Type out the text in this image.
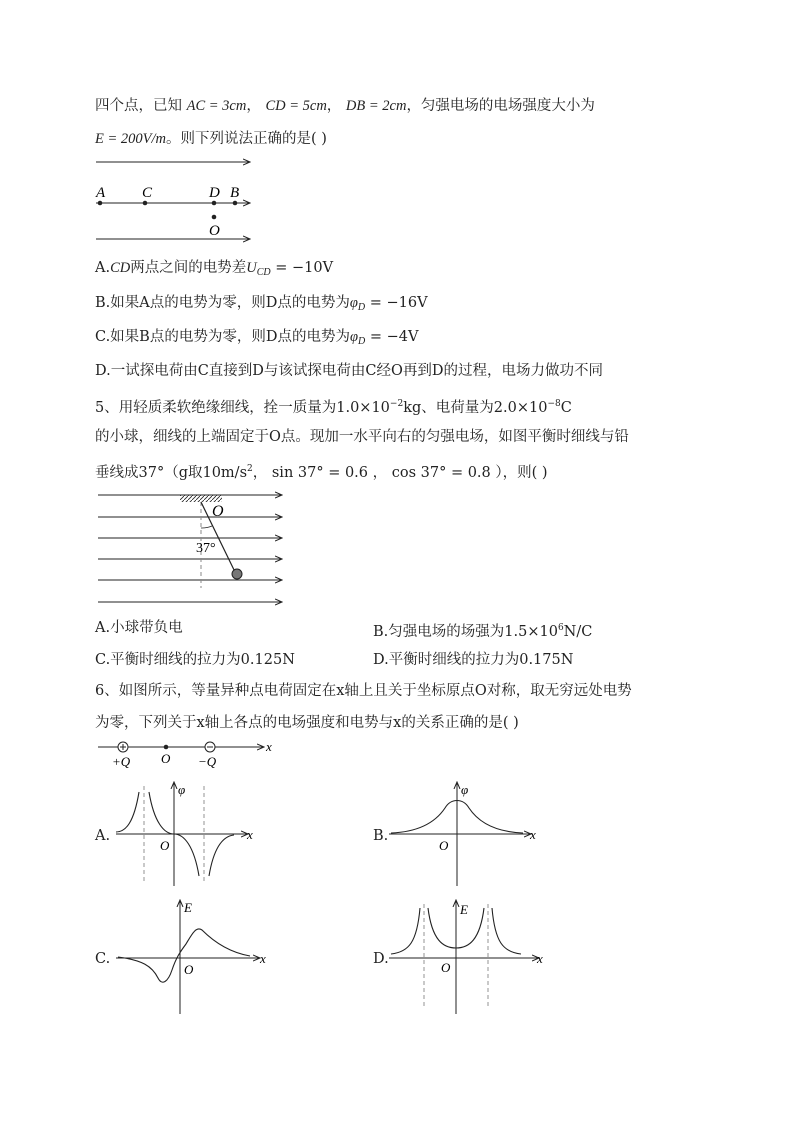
四个点，已知 AC = 3cm， CD = 5cm， DB = 2cm，匀强电场的电场强度大小为
E = 200V/m。则下列说法正确的是( )
A C	D B
O
A.CD两点之间的电势差$U_{CD} = -10V$
B.如果A点的电势为零，则D点的电势为$\varphi_D = -16V$
C.如果B点的电势为零，则D点的电势为$\varphi_D = -4V$
D.一试探电荷由C直接到D与该试探电荷由C经O再到D的过程，电场力做功不同
5、用轻质柔软绝缘细线，拴一质量为$1.0\times 10^{-2}kg$、电荷量为$2.0\times 10^{-8}C$
的小球，细线的上端固定于O点。现加一水平向右的匀强电场，如图平衡时细线与铅
垂线成37°（g取$10m/s^2$， sin 37° = 0.6 ， cos 37° = 0.8 ），则( )
O
37°
A.小球带负电	B.匀强电场的场强为$1.5\times 10^6N/C$
C.平衡时细线的拉力为0.125N	D.平衡时细线的拉力为0.175N
6、如图所示，等量异种点电荷固定在x轴上且关于坐标原点O对称，取无穷远处电势
为零，下列关于x轴上各点的电场强度和电势与x的关系正确的是( )
x
+Q O −Q
A.
φ
x
O
B.
φ
x
O
C.
E
x
O
D.
E
x
O
